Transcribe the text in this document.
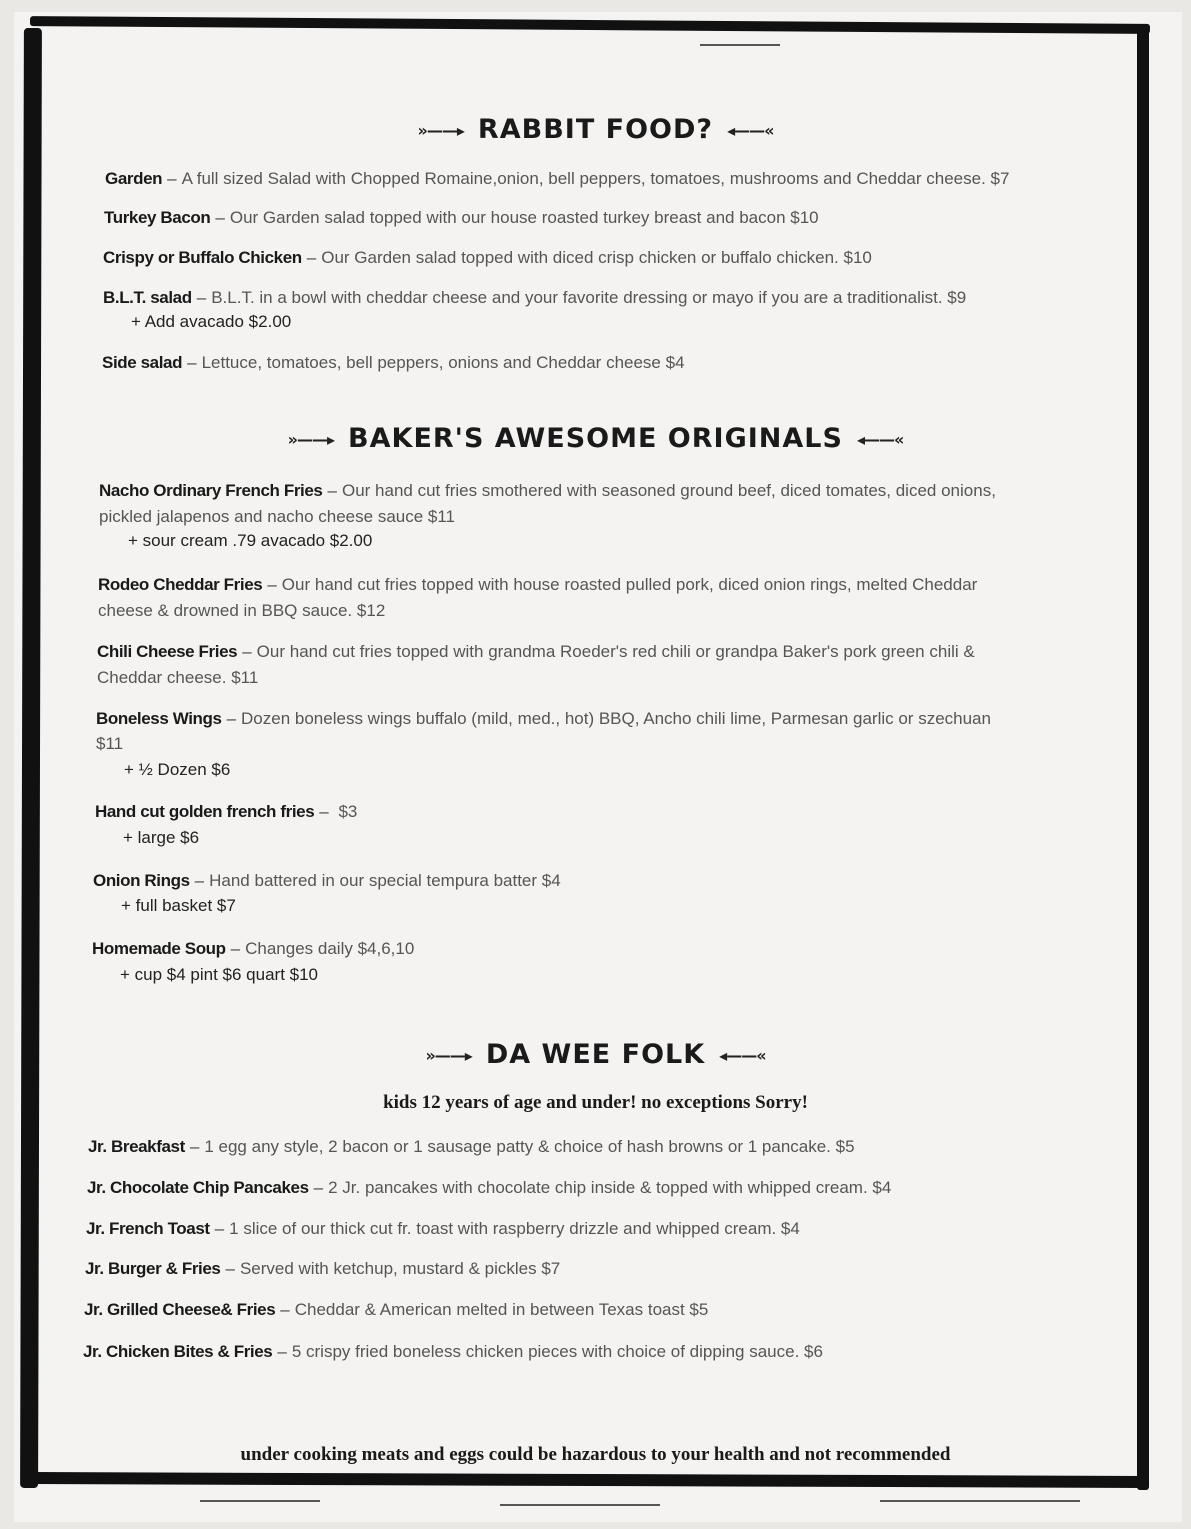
»——▸ RABBIT FOOD? ◂——«
Garden – A full sized Salad with Chopped Romaine,onion, bell peppers, tomatoes, mushrooms and Cheddar cheese. $7
Turkey Bacon – Our Garden salad topped with our house roasted turkey breast and bacon $10
Crispy or Buffalo Chicken – Our Garden salad topped with diced crisp chicken or buffalo chicken. $10
B.L.T. salad – B.L.T. in a bowl with cheddar cheese and your favorite dressing or mayo if you are a traditionalist. $9
+ Add avacado $2.00
Side salad – Lettuce, tomatoes, bell peppers, onions and Cheddar cheese $4
»——▸ BAKER'S AWESOME ORIGINALS ◂——«
Nacho Ordinary French Fries – Our hand cut fries smothered with seasoned ground beef, diced tomates, diced onions,
pickled jalapenos and nacho cheese sauce $11
+ sour cream .79 avacado $2.00
Rodeo Cheddar Fries – Our hand cut fries topped with house roasted pulled pork, diced onion rings, melted Cheddar
cheese & drowned in BBQ sauce. $12
Chili Cheese Fries – Our hand cut fries topped with grandma Roeder's red chili or grandpa Baker's pork green chili &
Cheddar cheese. $11
Boneless Wings – Dozen boneless wings buffalo (mild, med., hot) BBQ, Ancho chili lime, Parmesan garlic or szechuan
$11
+ ½ Dozen $6
Hand cut golden french fries – $3
+ large $6
Onion Rings – Hand battered in our special tempura batter $4
+ full basket $7
Homemade Soup – Changes daily $4,6,10
+ cup $4 pint $6 quart $10
»——▸ DA WEE FOLK ◂——«
kids 12 years of age and under! no exceptions Sorry!
Jr. Breakfast – 1 egg any style, 2 bacon or 1 sausage patty & choice of hash browns or 1 pancake. $5
Jr. Chocolate Chip Pancakes – 2 Jr. pancakes with chocolate chip inside & topped with whipped cream. $4
Jr. French Toast – 1 slice of our thick cut fr. toast with raspberry drizzle and whipped cream. $4
Jr. Burger & Fries – Served with ketchup, mustard & pickles $7
Jr. Grilled Cheese& Fries – Cheddar & American melted in between Texas toast $5
Jr. Chicken Bites & Fries – 5 crispy fried boneless chicken pieces with choice of dipping sauce. $6
under cooking meats and eggs could be hazardous to your health and not recommended
